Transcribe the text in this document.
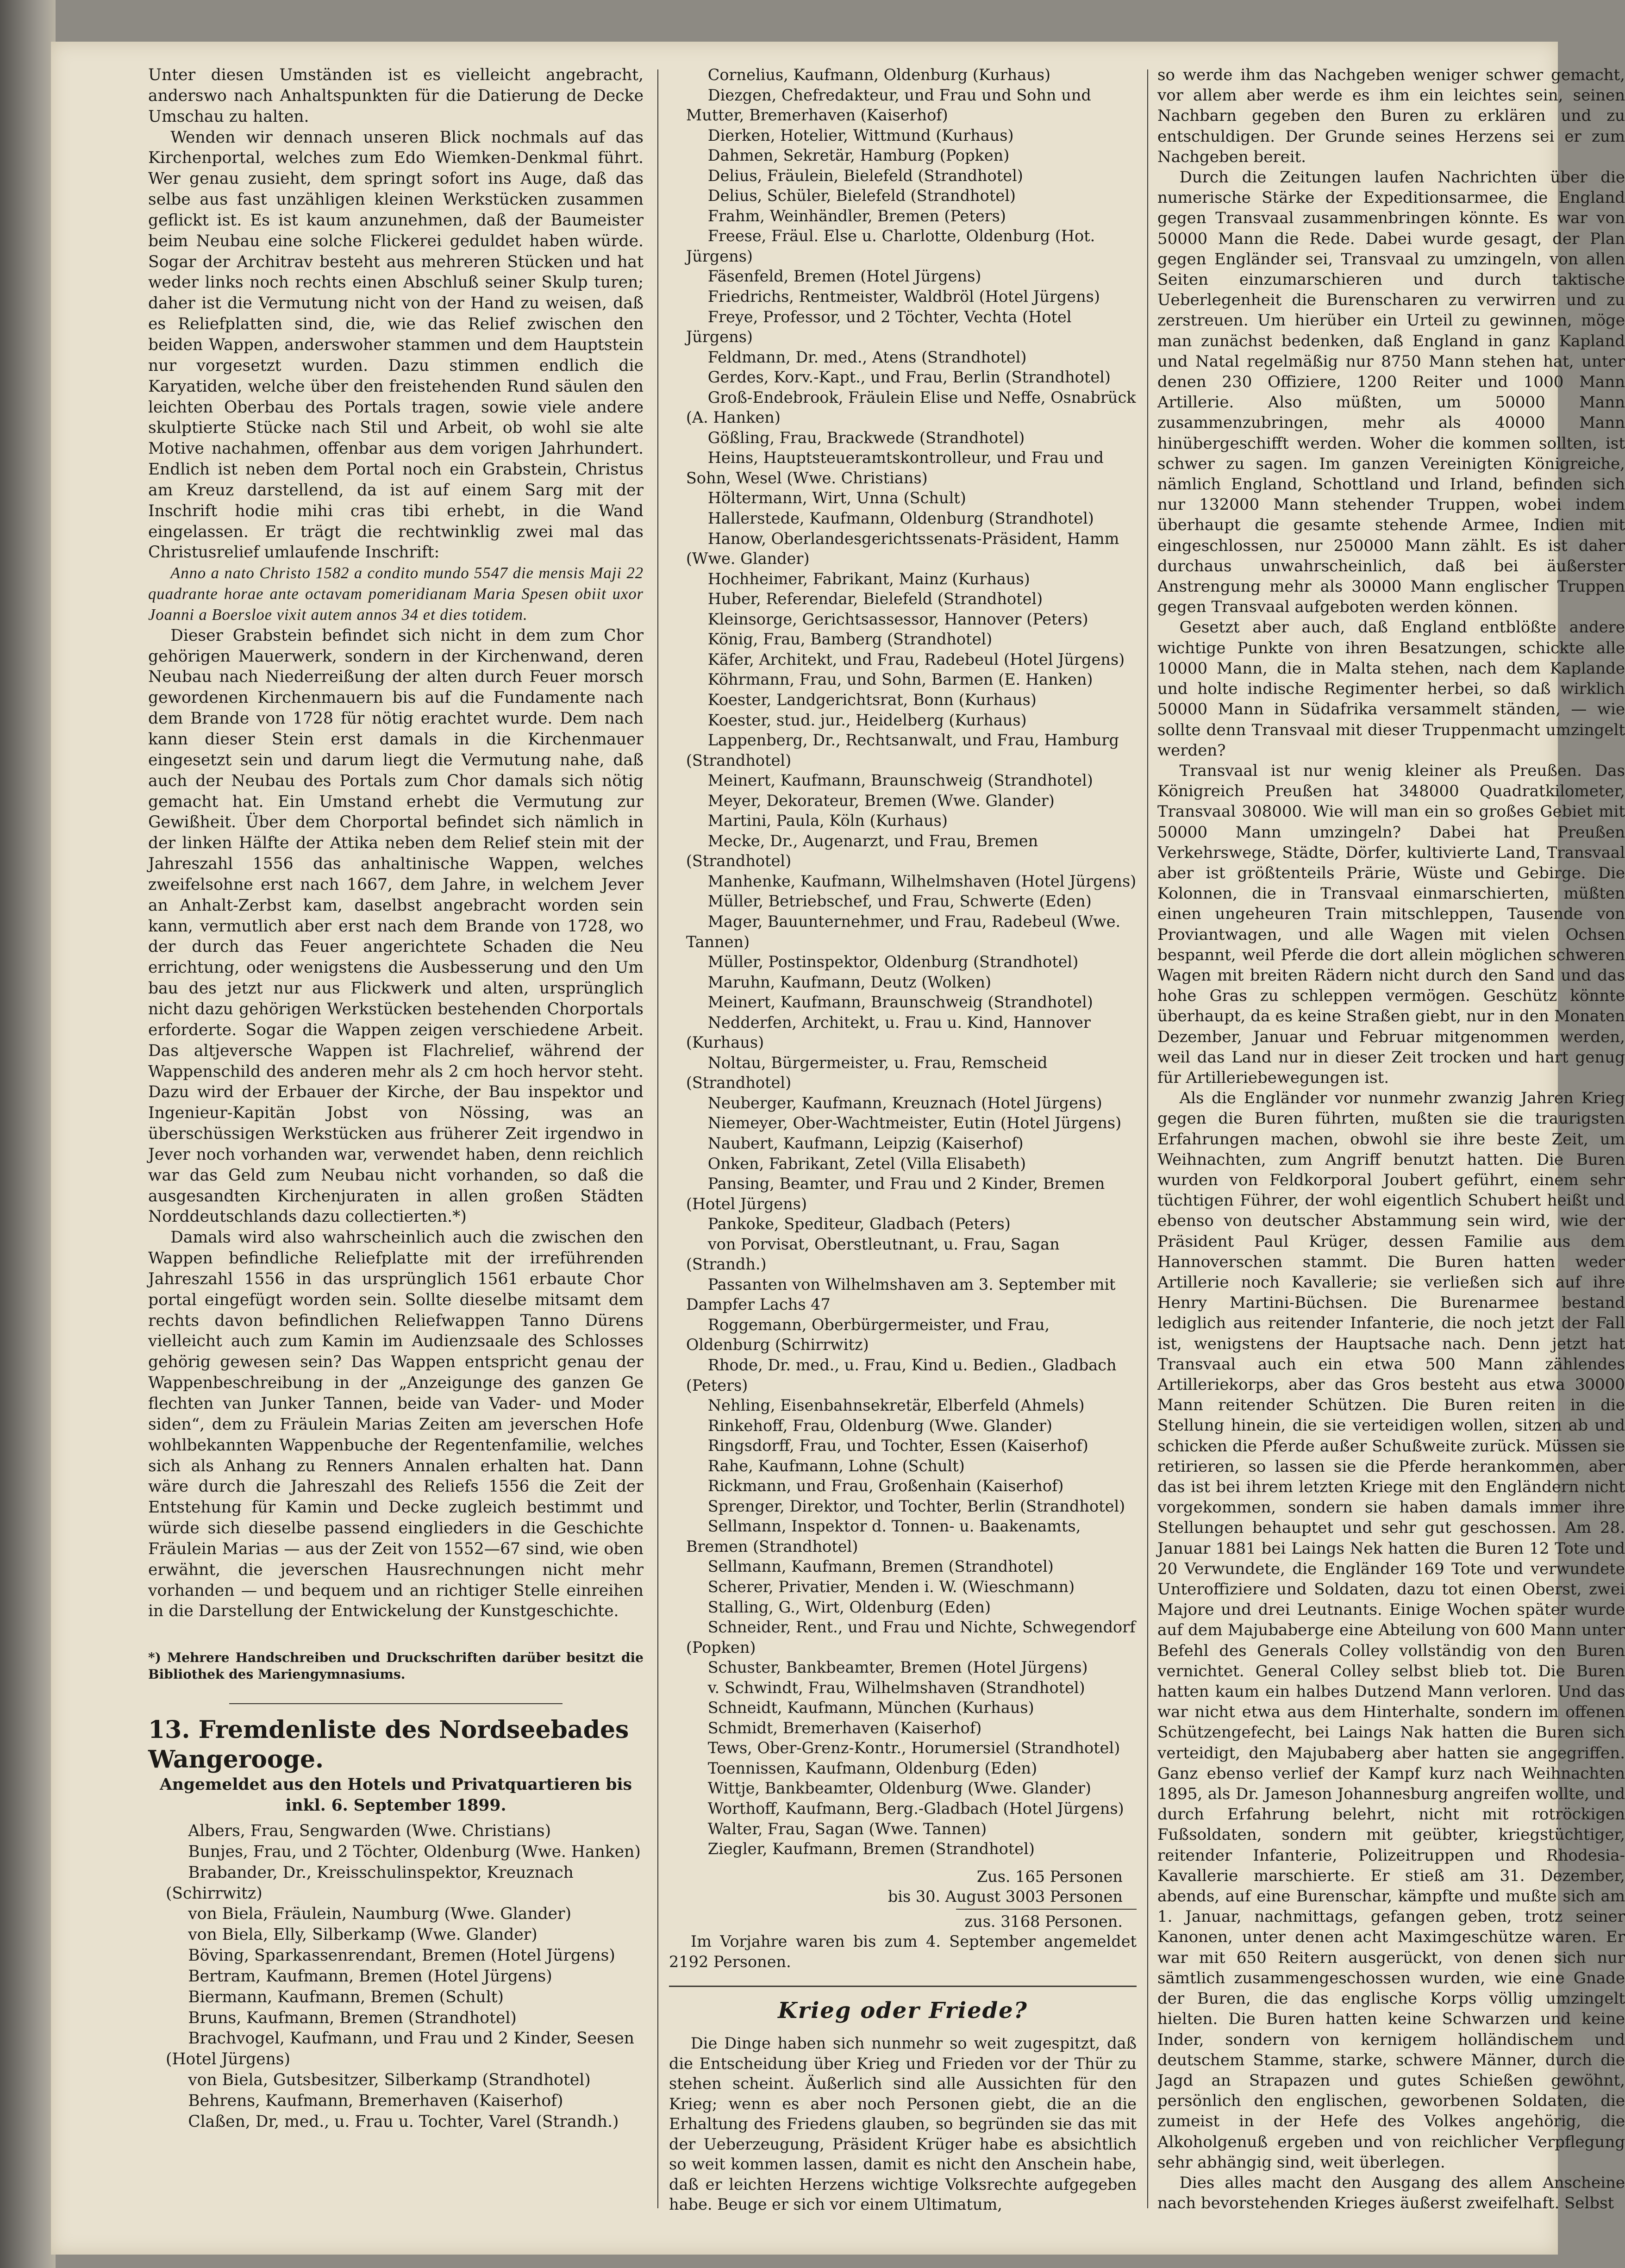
Unter diesen Umständen ist es vielleicht angebracht, anderswo nach Anhaltspunkten für die Datierung de Decke Umschau zu halten.

Wenden wir dennach unseren Blick nochmals auf das Kirchenportal, welches zum Edo Wiemken-Denkmal führt. Wer genau zusieht, dem springt sofort ins Auge, daß das selbe aus fast unzähligen kleinen Werkstücken zusammen geflickt ist. Es ist kaum anzunehmen, daß der Baumeister beim Neubau eine solche Flickerei geduldet haben würde. Sogar der Architrav besteht aus mehreren Stücken und hat weder links noch rechts einen Abschluß seiner Skulp turen; daher ist die Vermutung nicht von der Hand zu weisen, daß es Reliefplatten sind, die, wie das Relief zwischen den beiden Wappen, anderswoher stammen und dem Hauptstein nur vorgesetzt wurden. Dazu stimmen endlich die Karyatiden, welche über den freistehenden Rund säulen den leichten Oberbau des Portals tragen, sowie viele andere skulptierte Stücke nach Stil und Arbeit, ob wohl sie alte Motive nachahmen, offenbar aus dem vorigen Jahrhundert. Endlich ist neben dem Portal noch ein Grabstein, Christus am Kreuz darstellend, da ist auf einem Sarg mit der Inschrift hodie mihi cras tibi erhebt, in die Wand eingelassen. Er trägt die rechtwinklig zwei mal das Christusrelief umlaufende Inschrift:

Anno a nato Christo 1582 a condito mundo 5547 die mensis Maji 22 quadrante horae ante octavam pomeridianam Maria Spesen obiit uxor Joanni a Boersloe vixit autem annos 34 et dies totidem.

Dieser Grabstein befindet sich nicht in dem zum Chor gehörigen Mauerwerk, sondern in der Kirchenwand, deren Neubau nach Niederreißung der alten durch Feuer morsch gewordenen Kirchenmauern bis auf die Fundamente nach dem Brande von 1728 für nötig erachtet wurde. Dem nach kann dieser Stein erst damals in die Kirchenmauer eingesetzt sein und darum liegt die Vermutung nahe, daß auch der Neubau des Portals zum Chor damals sich nötig gemacht hat. Ein Umstand erhebt die Vermutung zur Gewißheit. Über dem Chorportal befindet sich nämlich in der linken Hälfte der Attika neben dem Relief stein mit der Jahreszahl 1556 das anhaltinische Wappen, welches zweifelsohne erst nach 1667, dem Jahre, in welchem Jever an Anhalt-Zerbst kam, daselbst angebracht worden sein kann, vermutlich aber erst nach dem Brande von 1728, wo der durch das Feuer angerichtete Schaden die Neu errichtung, oder wenigstens die Ausbesserung und den Um bau des jetzt nur aus Flickwerk und alten, ursprünglich nicht dazu gehörigen Werkstücken bestehenden Chorportals erforderte. Sogar die Wappen zeigen verschiedene Arbeit. Das altjeversche Wappen ist Flachrelief, während der Wappenschild des anderen mehr als 2 cm hoch hervor steht. Dazu wird der Erbauer der Kirche, der Bau inspektor und Ingenieur-Kapitän Jobst von Nössing, was an überschüssigen Werkstücken aus früherer Zeit irgendwo in Jever noch vorhanden war, verwendet haben, denn reichlich war das Geld zum Neubau nicht vorhanden, so daß die ausgesandten Kirchenjuraten in allen großen Städten Norddeutschlands dazu collectierten.*)

Damals wird also wahrscheinlich auch die zwischen den Wappen befindliche Reliefplatte mit der irreführenden Jahreszahl 1556 in das ursprünglich 1561 erbaute Chor portal eingefügt worden sein. Sollte dieselbe mitsamt dem rechts davon befindlichen Reliefwappen Tanno Dürens vielleicht auch zum Kamin im Audienzsaale des Schlosses gehörig gewesen sein? Das Wappen entspricht genau der Wappenbeschreibung in der „Anzeigunge des ganzen Ge flechten van Junker Tannen, beide van Vader- und Moder siden“, dem zu Fräulein Marias Zeiten am jeverschen Hofe wohlbekannten Wappenbuche der Regentenfamilie, welches sich als Anhang zu Renners Annalen erhalten hat. Dann wäre durch die Jahreszahl des Reliefs 1556 die Zeit der Entstehung für Kamin und Decke zugleich bestimmt und würde sich dieselbe passend einglieders in die Geschichte Fräulein Marias — aus der Zeit von 1552—67 sind, wie oben erwähnt, die jeverschen Hausrechnungen nicht mehr vorhanden — und bequem und an richtiger Stelle einreihen in die Darstellung der Entwickelung der Kunstgeschichte.

*) Mehrere Handschreiben und Druckschriften darüber besitzt die Bibliothek des Mariengymnasiums.
13. Fremdenliste des Nordseebades Wangerooge.
Angemeldet aus den Hotels und Privatquartieren bis inkl. 6. September 1899.

Albers, Frau, Sengwarden (Wwe. Christians)

Bunjes, Frau, und 2 Töchter, Oldenburg (Wwe. Hanken)

Brabander, Dr., Kreisschulinspektor, Kreuznach (Schirrwitz)

von Biela, Fräulein, Naumburg (Wwe. Glander)

von Biela, Elly, Silberkamp (Wwe. Glander)

Böving, Sparkassenrendant, Bremen (Hotel Jürgens)

Bertram, Kaufmann, Bremen (Hotel Jürgens)

Biermann, Kaufmann, Bremen (Schult)

Bruns, Kaufmann, Bremen (Strandhotel)

Brachvogel, Kaufmann, und Frau und 2 Kinder, Seesen (Hotel Jürgens)

von Biela, Gutsbesitzer, Silberkamp (Strandhotel)

Behrens, Kaufmann, Bremerhaven (Kaiserhof)

Claßen, Dr, med., u. Frau u. Tochter, Varel (Strandh.)

Cornelius, Kaufmann, Oldenburg (Kurhaus)

Diezgen, Chefredakteur, und Frau und Sohn und Mutter, Bremerhaven (Kaiserhof)

Dierken, Hotelier, Wittmund (Kurhaus)

Dahmen, Sekretär, Hamburg (Popken)

Delius, Fräulein, Bielefeld (Strandhotel)

Delius, Schüler, Bielefeld (Strandhotel)

Frahm, Weinhändler, Bremen (Peters)

Freese, Fräul. Else u. Charlotte, Oldenburg (Hot. Jürgens)

Fäsenfeld, Bremen (Hotel Jürgens)

Friedrichs, Rentmeister, Waldbröl (Hotel Jürgens)

Freye, Professor, und 2 Töchter, Vechta (Hotel Jürgens)

Feldmann, Dr. med., Atens (Strandhotel)

Gerdes, Korv.-Kapt., und Frau, Berlin (Strandhotel)

Groß-Endebrook, Fräulein Elise und Neffe, Osnabrück (A. Hanken)

Gößling, Frau, Brackwede (Strandhotel)

Heins, Hauptsteueramtskontrolleur, und Frau und Sohn, Wesel (Wwe. Christians)

Höltermann, Wirt, Unna (Schult)

Hallerstede, Kaufmann, Oldenburg (Strandhotel)

Hanow, Oberlandesgerichtssenats-Präsident, Hamm (Wwe. Glander)

Hochheimer, Fabrikant, Mainz (Kurhaus)

Huber, Referendar, Bielefeld (Strandhotel)

Kleinsorge, Gerichtsassessor, Hannover (Peters)

König, Frau, Bamberg (Strandhotel)

Käfer, Architekt, und Frau, Radebeul (Hotel Jürgens)

Köhrmann, Frau, und Sohn, Barmen (E. Hanken)

Koester, Landgerichtsrat, Bonn (Kurhaus)

Koester, stud. jur., Heidelberg (Kurhaus)

Lappenberg, Dr., Rechtsanwalt, und Frau, Hamburg (Strandhotel)

Meinert, Kaufmann, Braunschweig (Strandhotel)

Meyer, Dekorateur, Bremen (Wwe. Glander)

Martini, Paula, Köln (Kurhaus)

Mecke, Dr., Augenarzt, und Frau, Bremen (Strandhotel)

Manhenke, Kaufmann, Wilhelmshaven (Hotel Jürgens)

Müller, Betriebschef, und Frau, Schwerte (Eden)

Mager, Bauunternehmer, und Frau, Radebeul (Wwe. Tannen)

Müller, Postinspektor, Oldenburg (Strandhotel)

Maruhn, Kaufmann, Deutz (Wolken)

Meinert, Kaufmann, Braunschweig (Strandhotel)

Nedderfen, Architekt, u. Frau u. Kind, Hannover (Kurhaus)

Noltau, Bürgermeister, u. Frau, Remscheid (Strandhotel)

Neuberger, Kaufmann, Kreuznach (Hotel Jürgens)

Niemeyer, Ober-Wachtmeister, Eutin (Hotel Jürgens)

Naubert, Kaufmann, Leipzig (Kaiserhof)

Onken, Fabrikant, Zetel (Villa Elisabeth)

Pansing, Beamter, und Frau und 2 Kinder, Bremen (Hotel Jürgens)

Pankoke, Spediteur, Gladbach (Peters)

von Porvisat, Oberstleutnant, u. Frau, Sagan (Strandh.)

Passanten von Wilhelmshaven am 3. September mit Dampfer Lachs 47

Roggemann, Oberbürgermeister, und Frau, Oldenburg (Schirrwitz)

Rhode, Dr. med., u. Frau, Kind u. Bedien., Gladbach (Peters)

Nehling, Eisenbahnsekretär, Elberfeld (Ahmels)

Rinkehoff, Frau, Oldenburg (Wwe. Glander)

Ringsdorff, Frau, und Tochter, Essen (Kaiserhof)

Rahe, Kaufmann, Lohne (Schult)

Rickmann, und Frau, Großenhain (Kaiserhof)

Sprenger, Direktor, und Tochter, Berlin (Strandhotel)

Sellmann, Inspektor d. Tonnen- u. Baakenamts, Bremen (Strandhotel)

Sellmann, Kaufmann, Bremen (Strandhotel)

Scherer, Privatier, Menden i. W. (Wieschmann)

Stalling, G., Wirt, Oldenburg (Eden)

Schneider, Rent., und Frau und Nichte, Schwegendorf (Popken)

Schuster, Bankbeamter, Bremen (Hotel Jürgens)

v. Schwindt, Frau, Wilhelmshaven (Strandhotel)

Schneidt, Kaufmann, München (Kurhaus)

Schmidt, Bremerhaven (Kaiserhof)

Tews, Ober-Grenz-Kontr., Horumersiel (Strandhotel)

Toennissen, Kaufmann, Oldenburg (Eden)

Wittje, Bankbeamter, Oldenburg (Wwe. Glander)

Worthoff, Kaufmann, Berg.-Gladbach (Hotel Jürgens)

Walter, Frau, Sagan (Wwe. Tannen)

Ziegler, Kaufmann, Bremen (Strandhotel)

Zus. 165 Personen
bis 30. August 3003 Personen
zus. 3168 Personen.

Im Vorjahre waren bis zum 4. September angemeldet 2192 Personen.

Krieg oder Friede?

Die Dinge haben sich nunmehr so weit zugespitzt, daß die Entscheidung über Krieg und Frieden vor der Thür zu stehen scheint. Äußerlich sind alle Aussichten für den Krieg; wenn es aber noch Personen giebt, die an die Erhaltung des Friedens glauben, so begründen sie das mit der Ueberzeugung, Präsident Krüger habe es absichtlich so weit kommen lassen, damit es nicht den Anschein habe, daß er leichten Herzens wichtige Volksrechte aufgegeben habe. Beuge er sich vor einem Ultimatum,

so werde ihm das Nachgeben weniger schwer gemacht, vor allem aber werde es ihm ein leichtes sein, seinen Nachbarn gegeben den Buren zu erklären und zu entschuldigen. Der Grunde seines Herzens sei er zum Nachgeben bereit.

Durch die Zeitungen laufen Nachrichten über die numerische Stärke der Expeditionsarmee, die England gegen Transvaal zusammenbringen könnte. Es war von 50000 Mann die Rede. Dabei wurde gesagt, der Plan gegen Engländer sei, Transvaal zu umzingeln, von allen Seiten einzumarschieren und durch taktische Ueberlegenheit die Burenscharen zu verwirren und zu zerstreuen. Um hierüber ein Urteil zu gewinnen, möge man zunächst bedenken, daß England in ganz Kapland und Natal regelmäßig nur 8750 Mann stehen hat, unter denen 230 Offiziere, 1200 Reiter und 1000 Mann Artillerie. Also müßten, um 50000 Mann zusammenzubringen, mehr als 40000 Mann hinübergeschifft werden. Woher die kommen sollten, ist schwer zu sagen. Im ganzen Vereinigten Königreiche, nämlich England, Schottland und Irland, befinden sich nur 132000 Mann stehender Truppen, wobei indem überhaupt die gesamte stehende Armee, Indien mit eingeschlossen, nur 250000 Mann zählt. Es ist daher durchaus unwahrscheinlich, daß bei äußerster Anstrengung mehr als 30000 Mann englischer Truppen gegen Transvaal aufgeboten werden können.

Gesetzt aber auch, daß England entblößte andere wichtige Punkte von ihren Besatzungen, schickte alle 10000 Mann, die in Malta stehen, nach dem Kaplande und holte indische Regimenter herbei, so daß wirklich 50000 Mann in Südafrika versammelt ständen, — wie sollte denn Transvaal mit dieser Truppenmacht umzingelt werden?

Transvaal ist nur wenig kleiner als Preußen. Das Königreich Preußen hat 348000 Quadratkilometer, Transvaal 308000. Wie will man ein so großes Gebiet mit 50000 Mann umzingeln? Dabei hat Preußen Verkehrswege, Städte, Dörfer, kultivierte Land, Transvaal aber ist größtenteils Prärie, Wüste und Gebirge. Die Kolonnen, die in Transvaal einmarschierten, müßten einen ungeheuren Train mitschleppen, Tausende von Proviantwagen, und alle Wagen mit vielen Ochsen bespannt, weil Pferde die dort allein möglichen schweren Wagen mit breiten Rädern nicht durch den Sand und das hohe Gras zu schleppen vermögen. Geschütz könnte überhaupt, da es keine Straßen giebt, nur in den Monaten Dezember, Januar und Februar mitgenommen werden, weil das Land nur in dieser Zeit trocken und hart genug für Artilleriebewegungen ist.

Als die Engländer vor nunmehr zwanzig Jahren Krieg gegen die Buren führten, mußten sie die traurigsten Erfahrungen machen, obwohl sie ihre beste Zeit, um Weihnachten, zum Angriff benutzt hatten. Die Buren wurden von Feldkorporal Joubert geführt, einem sehr tüchtigen Führer, der wohl eigentlich Schubert heißt und ebenso von deutscher Abstammung sein wird, wie der Präsident Paul Krüger, dessen Familie aus dem Hannoverschen stammt. Die Buren hatten weder Artillerie noch Kavallerie; sie verließen sich auf ihre Henry Martini-Büchsen. Die Burenarmee bestand lediglich aus reitender Infanterie, die noch jetzt der Fall ist, wenigstens der Hauptsache nach. Denn jetzt hat Transvaal auch ein etwa 500 Mann zählendes Artilleriekorps, aber das Gros besteht aus etwa 30000 Mann reitender Schützen. Die Buren reiten in die Stellung hinein, die sie verteidigen wollen, sitzen ab und schicken die Pferde außer Schußweite zurück. Müssen sie retirieren, so lassen sie die Pferde herankommen, aber das ist bei ihrem letzten Kriege mit den Engländern nicht vorgekommen, sondern sie haben damals immer ihre Stellungen behauptet und sehr gut geschossen. Am 28. Januar 1881 bei Laings Nek hatten die Buren 12 Tote und 20 Verwundete, die Engländer 169 Tote und verwundete Unteroffiziere und Soldaten, dazu tot einen Oberst, zwei Majore und drei Leutnants. Einige Wochen später wurde auf dem Majubaberge eine Abteilung von 600 Mann unter Befehl des Generals Colley vollständig von den Buren vernichtet. General Colley selbst blieb tot. Die Buren hatten kaum ein halbes Dutzend Mann verloren. Und das war nicht etwa aus dem Hinterhalte, sondern im offenen Schützengefecht, bei Laings Nak hatten die Buren sich verteidigt, den Majubaberg aber hatten sie angegriffen. Ganz ebenso verlief der Kampf kurz nach Weihnachten 1895, als Dr. Jameson Johannesburg angreifen wollte, und durch Erfahrung belehrt, nicht mit rotröckigen Fußsoldaten, sondern mit geübter, kriegstüchtiger, reitender Infanterie, Polizeitruppen und Rhodesia-Kavallerie marschierte. Er stieß am 31. Dezember, abends, auf eine Burenschar, kämpfte und mußte sich am 1. Januar, nachmittags, gefangen geben, trotz seiner Kanonen, unter denen acht Maximgeschütze waren. Er war mit 650 Reitern ausgerückt, von denen sich nur sämtlich zusammengeschossen wurden, wie eine Gnade der Buren, die das englische Korps völlig umzingelt hielten. Die Buren hatten keine Schwarzen und keine Inder, sondern von kernigem holländischem und deutschem Stamme, starke, schwere Männer, durch die Jagd an Strapazen und gutes Schießen gewöhnt, persönlich den englischen, geworbenen Soldaten, die zumeist in der Hefe des Volkes angehörig, die Alkoholgenuß ergeben und von reichlicher Verpflegung sehr abhängig sind, weit überlegen.

Dies alles macht den Ausgang des allem Anscheine nach bevorstehenden Krieges äußerst zweifelhaft. Selbst
